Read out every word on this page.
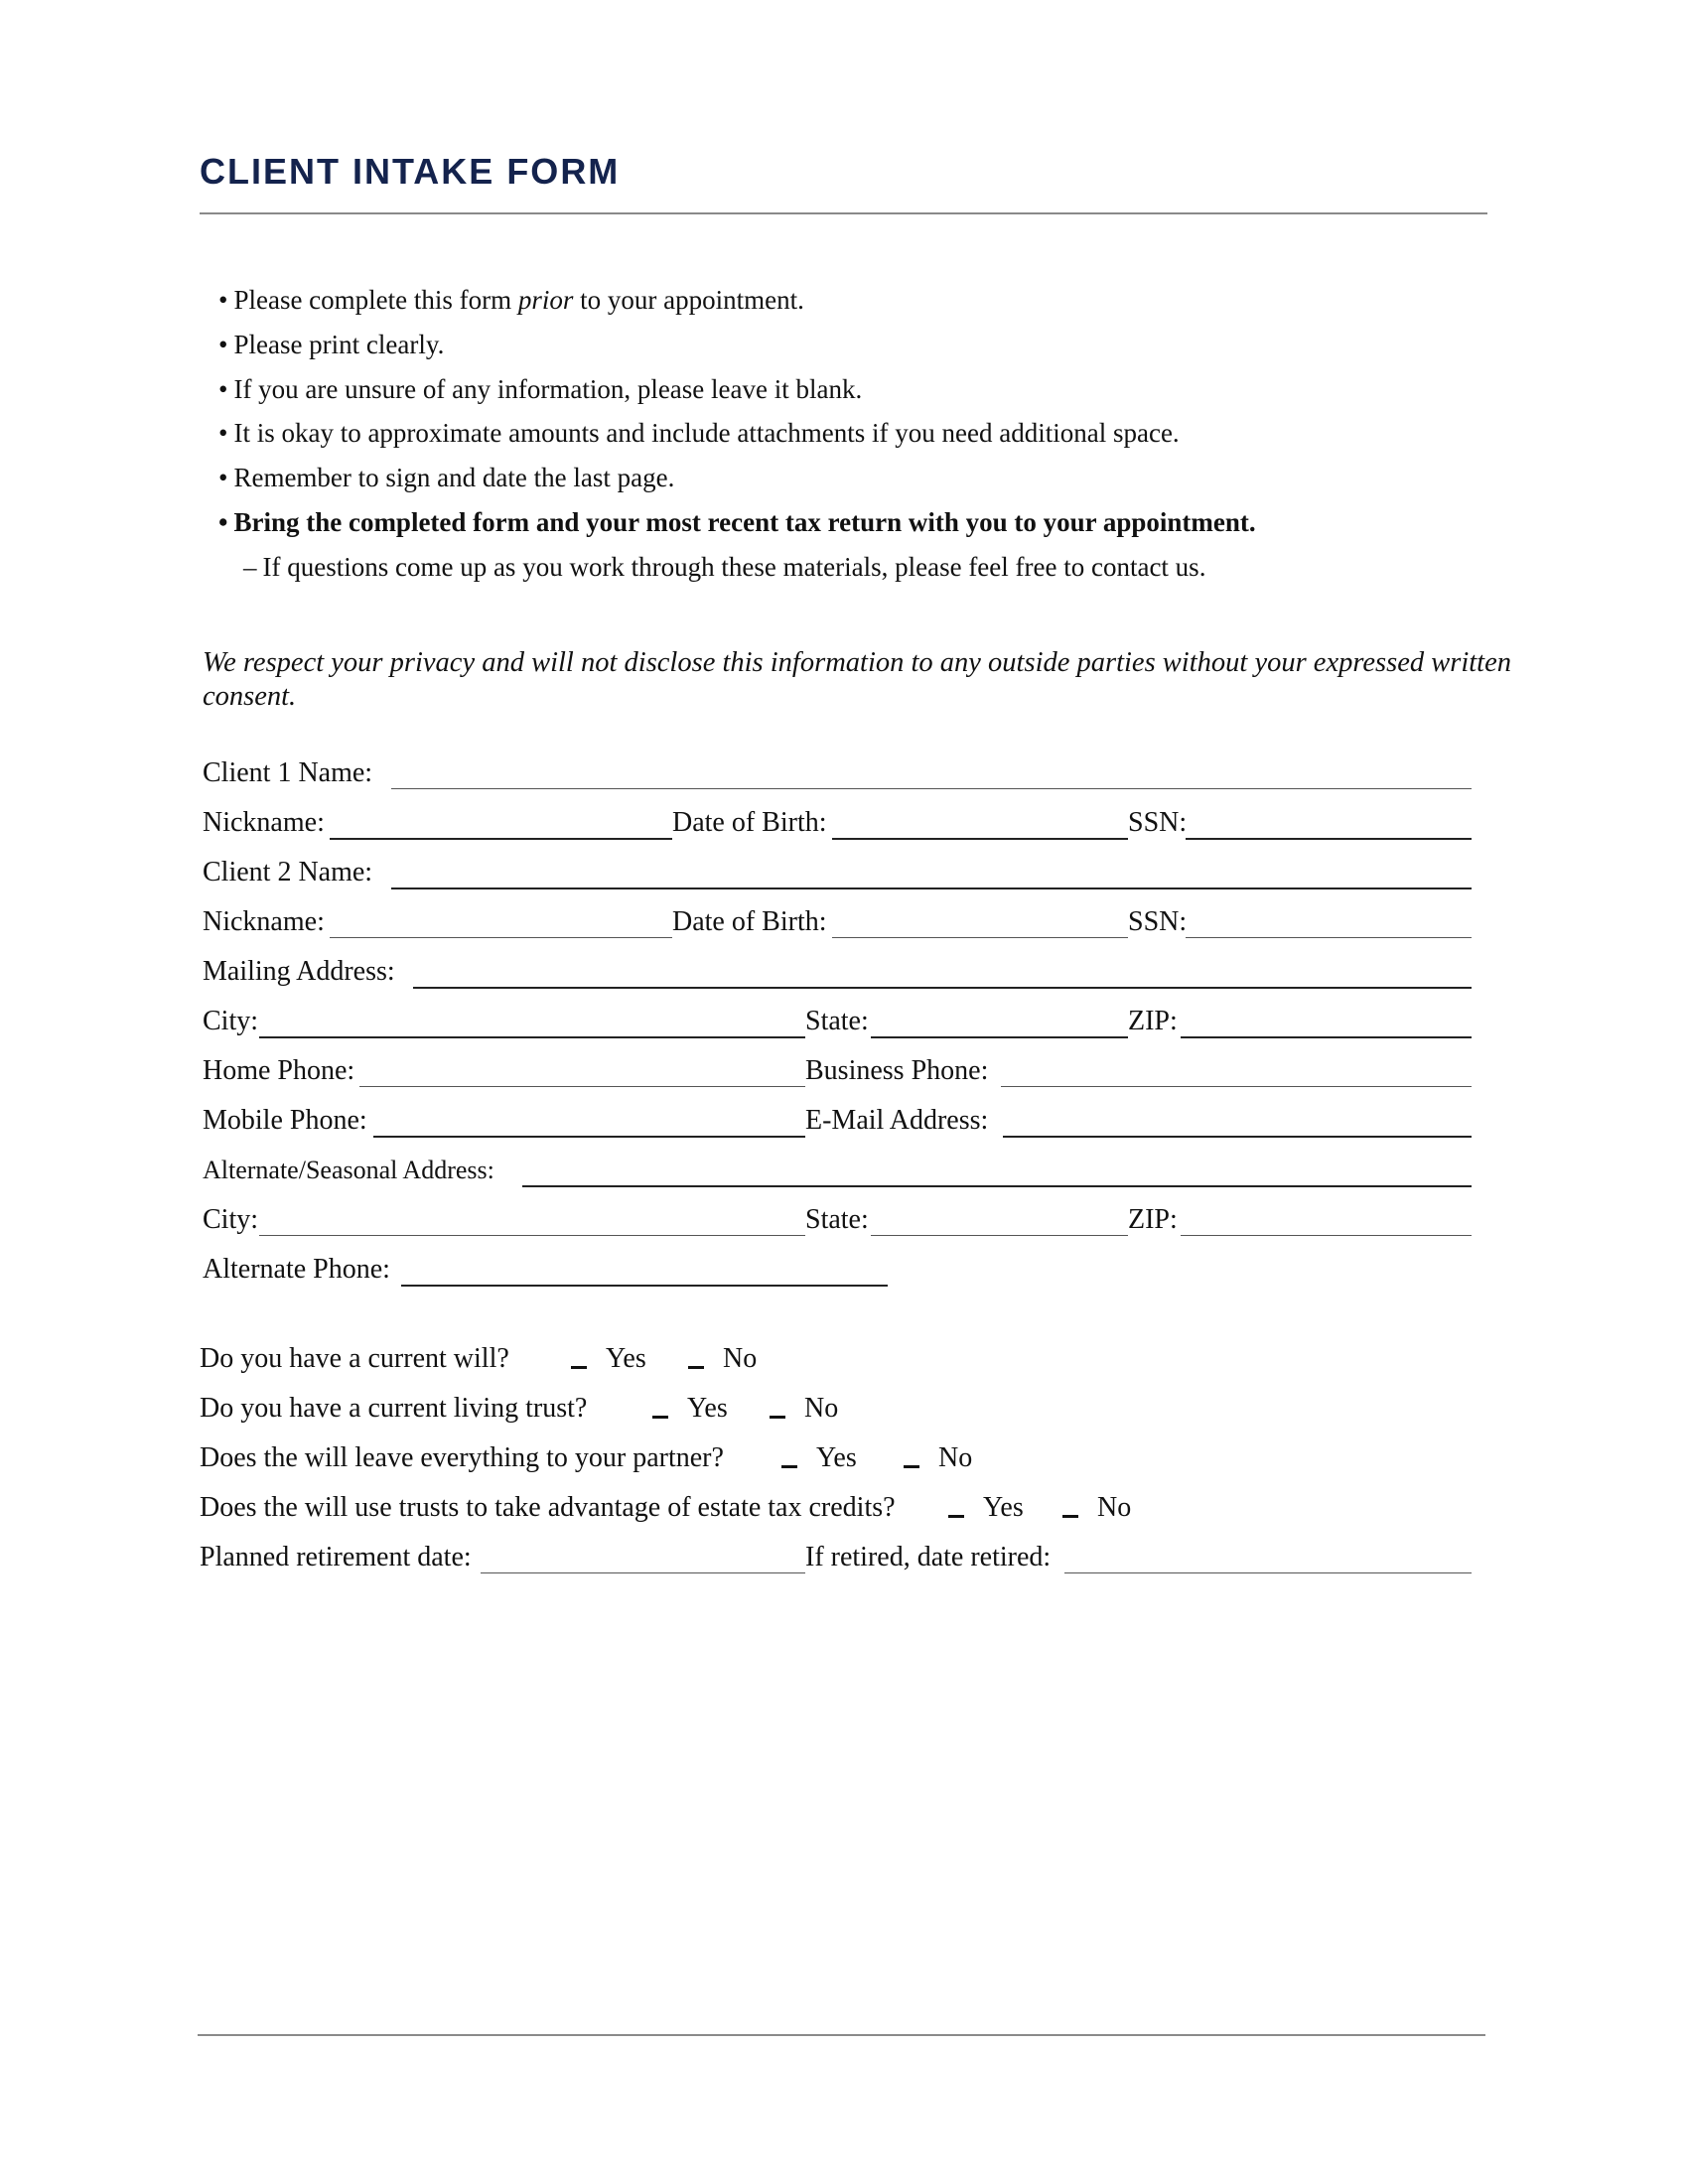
CLIENT INTAKE FORM
• Please complete this form prior to your appointment.
• Please print clearly.
• If you are unsure of any information, please leave it blank.
• It is okay to approximate amounts and include attachments if you need additional space.
• Remember to sign and date the last page.
• Bring the completed form and your most recent tax return with you to your appointment.
– If questions come up as you work through these materials, please feel free to contact us.
We respect your privacy and will not disclose this information to any outside parties without your expressed written consent.
Client 1 Name:
Nickname:	Date of Birth:	SSN:
Client 2 Name:
Nickname:	Date of Birth:	SSN:
Mailing Address:
City:	State:	ZIP:
Home Phone:	Business Phone:
Mobile Phone:	E-Mail Address:
Alternate/Seasonal Address:
City:	State:	ZIP:
Alternate Phone:
Do you have a current will?	Yes	No
Do you have a current living trust?	Yes	No
Does the will leave everything to your partner?	Yes	No
Does the will use trusts to take advantage of estate tax credits?	Yes	No
Planned retirement date:	If retired, date retired:
